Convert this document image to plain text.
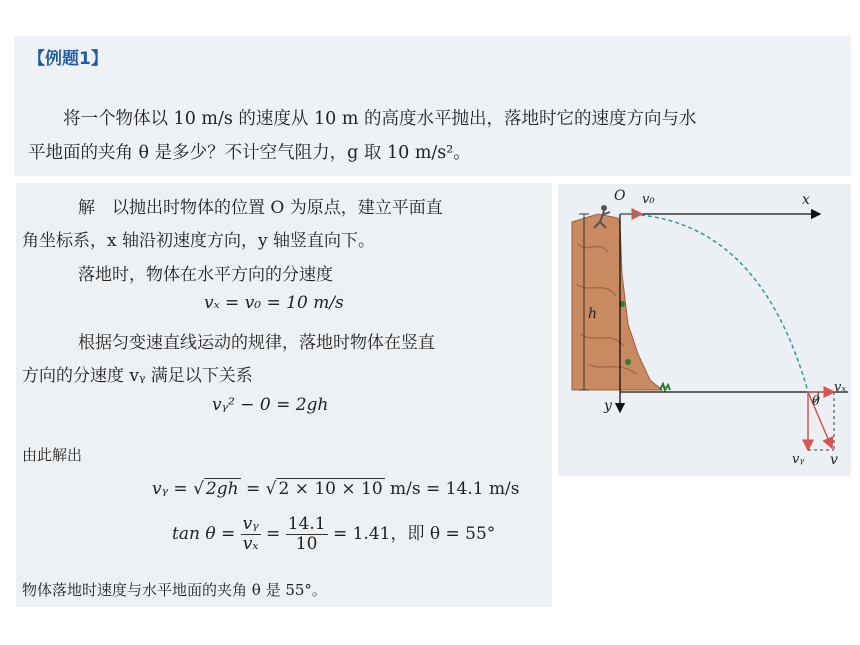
【例题1】
将一个物体以 10 m/s 的速度从 10 m 的高度水平抛出，落地时它的速度方向与水
平地面的夹角 θ 是多少？不计空气阻力，g 取 10 m/s²。
解　以抛出时物体的位置 O 为原点，建立平面直
角坐标系，x 轴沿初速度方向，y 轴竖直向下。
落地时，物体在水平方向的分速度
vₓ = v₀ = 10 m/s
根据匀变速直线运动的规律，落地时物体在竖直
方向的分速度 vᵧ 满足以下关系
vᵧ² − 0 = 2gh
由此解出
vᵧ = √ 2gh = √ 2 × 10 × 10 m/s = 14.1 m/s
$\tan \theta = \frac{\text{vᵧ}}{\text{vₓ}} = \frac{14.1}{10} = 1.41$，即 θ = 55°
物体落地时速度与水平地面的夹角 θ 是 55°。
O v₀	x
h
y	θ
vₓ
vᵧ v
